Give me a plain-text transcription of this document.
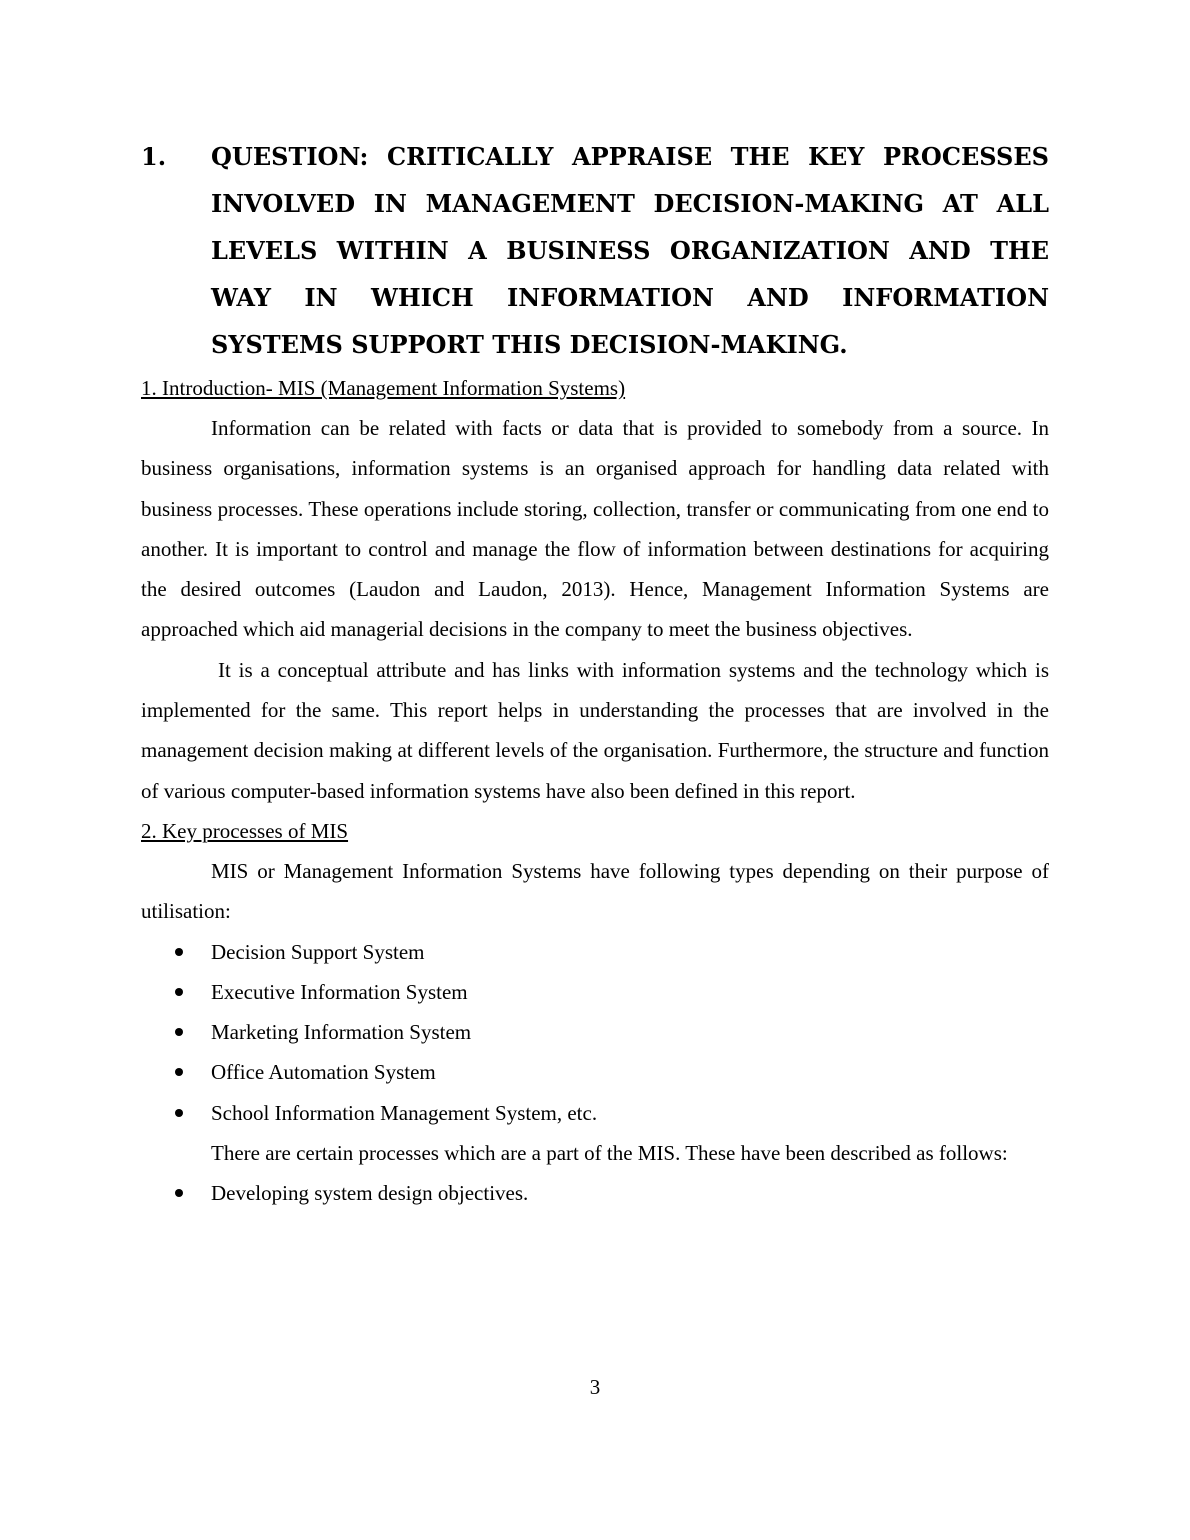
1.	QUESTION: CRITICALLY APPRAISE THE KEY PROCESSES INVOLVED IN MANAGEMENT DECISION-MAKING AT ALL LEVELS WITHIN A BUSINESS ORGANIZATION AND THE WAY IN WHICH INFORMATION AND INFORMATION SYSTEMS SUPPORT THIS DECISION-MAKING.

1. Introduction- MIS (Management Information Systems)

Information can be related with facts or data that is provided to somebody from a source. In business organisations, information systems is an organised approach for handling data related with business processes. These operations include storing, collection, transfer or communicating from one end to another. It is important to control and manage the flow of information between destinations for acquiring the desired outcomes (Laudon and Laudon, 2013). Hence, Management Information Systems are approached which aid managerial decisions in the company to meet the business objectives.

It is a conceptual attribute and has links with information systems and the technology which is implemented for the same. This report helps in understanding the processes that are involved in the management decision making at different levels of the organisation. Furthermore, the structure and function of various computer-based information systems have also been defined in this report.

2. Key processes of MIS

MIS or Management Information Systems have following types depending on their purpose of utilisation:

Decision Support System
Executive Information System
Marketing Information System
Office Automation System
School Information Management System, etc.

There are certain processes which are a part of the MIS. These have been described as follows:

Developing system design objectives.
3
